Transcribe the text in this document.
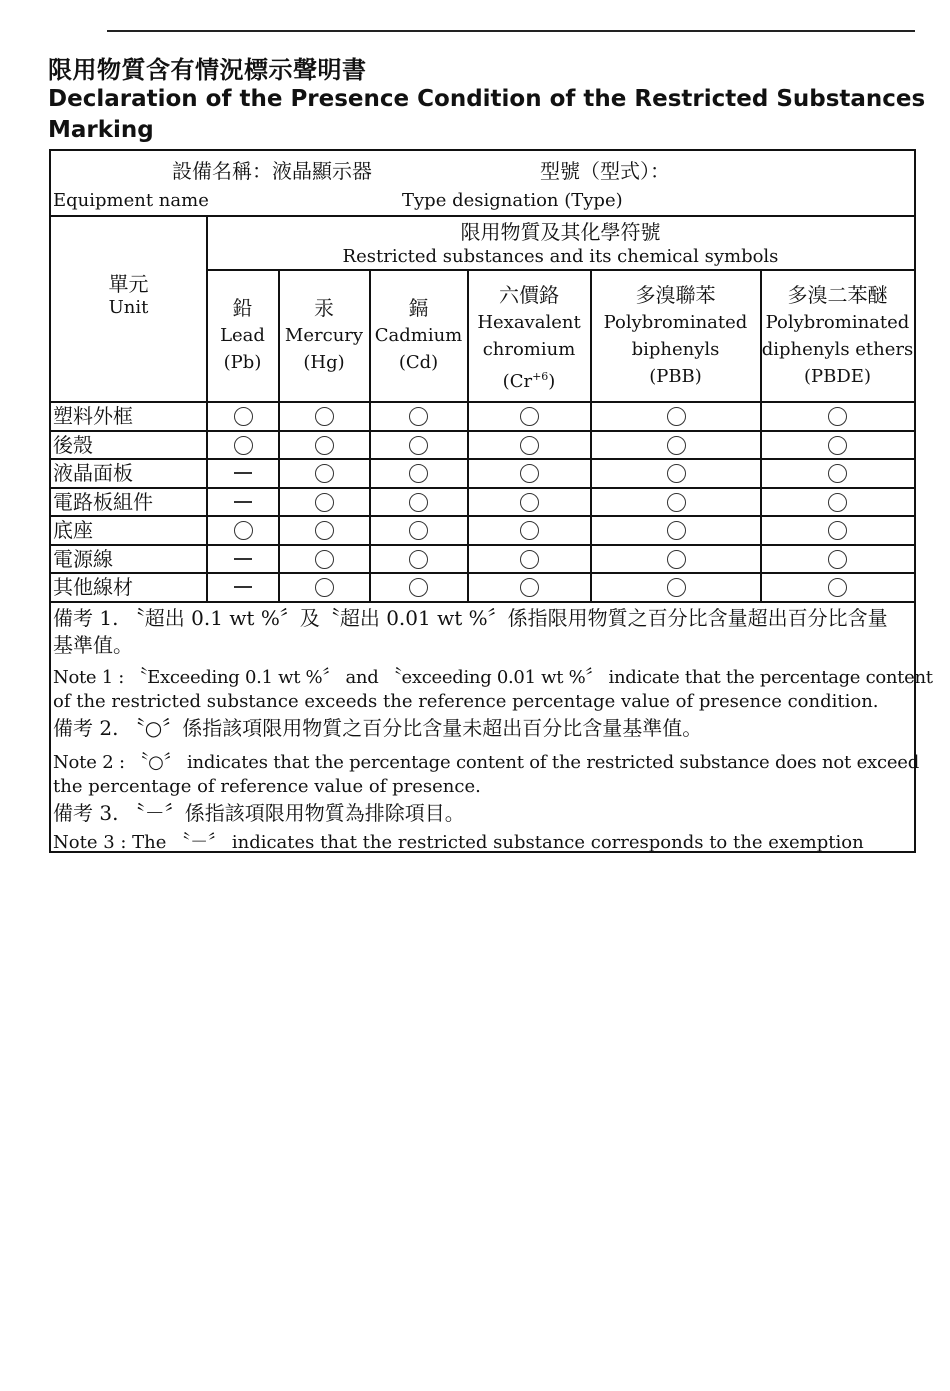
限用物質含有情況標示聲明書
Declaration of the Presence Condition of the Restricted Substances Marking
設備名稱：液晶顯示器	型號（型式）：
Equipment name	Type designation (Type)
單元
Unit
限用物質及其化學符號
Restricted substances and its chemical symbols
鉛
Lead
(Pb)
汞
Mercury
(Hg)
鎘
Cadmium
(Cd)
六價鉻
Hexavalent
chromium
$(Cr^{+6})$
多溴聯苯
Polybrominated
biphenyls
(PBB)
多溴二苯醚
Polybrominated
diphenyls ethers
(PBDE)
塑料外框
後殼
液晶面板
電路板組件
底座
電源線
其他線材
備考 1. 〝超出 0.1 wt %〞及〝超出 0.01 wt %〞係指限用物質之百分比含量超出百分比含量
基準值。
Note 1 : 〝Exceeding 0.1 wt %〞 and 〝exceeding 0.01 wt %〞 indicate that the percentage content
of the restricted substance exceeds the reference percentage value of presence condition.
備考 2. 〝○〞係指該項限用物質之百分比含量未超出百分比含量基準值。
Note 2 : 〝○〞 indicates that the percentage content of the restricted substance does not exceed
the percentage of reference value of presence.
備考 3. 〝－〞係指該項限用物質為排除項目。
Note 3 : The 〝－〞 indicates that the restricted substance corresponds to the exemption
